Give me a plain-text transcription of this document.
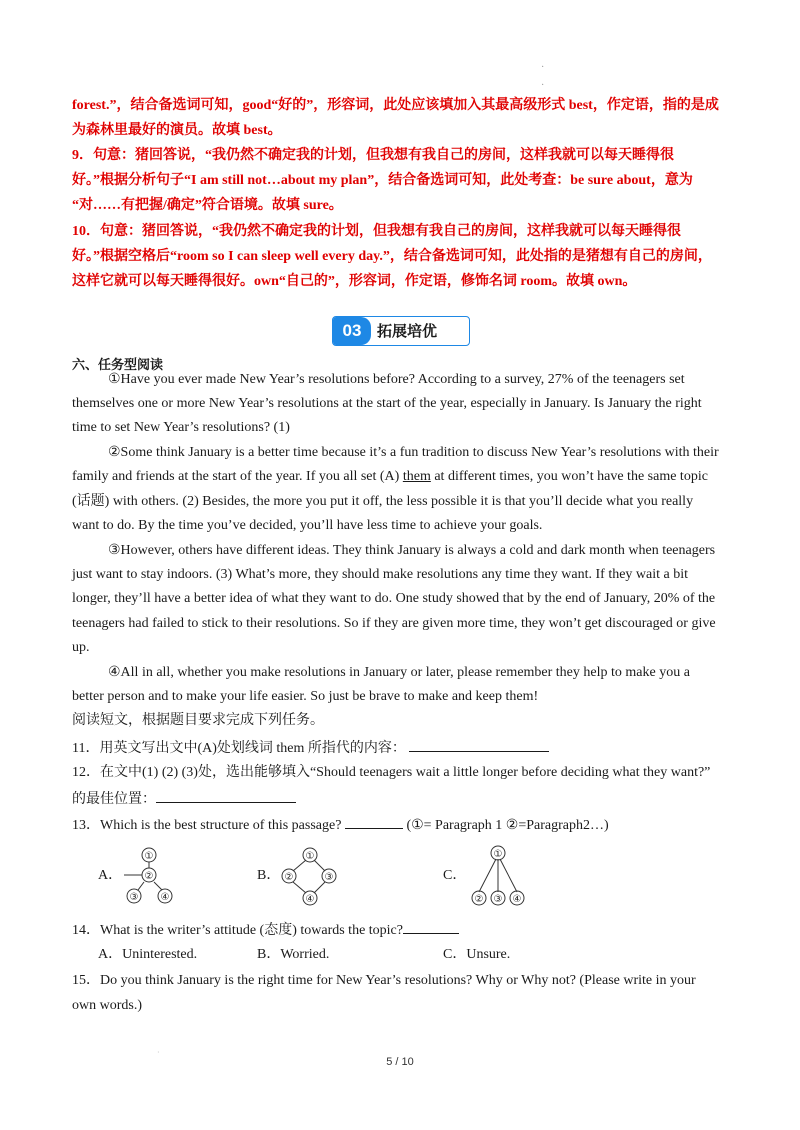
·
·
forest.”，结合备选词可知，good“好的”，形容词，此处应该填加入其最高级形式 best，作定语，指的是成
为森林里最好的演员。故填 best。
9．句意：猪回答说，“我仍然不确定我的计划，但我想有我自己的房间，这样我就可以每天睡得很
好。”根据分析句子“I am still not…about my plan”，结合备选词可知，此处考查：be sure about，意为
“对……有把握/确定”符合语境。故填 sure。
10．句意：猪回答说，“我仍然不确定我的计划，但我想有我自己的房间，这样我就可以每天睡得很
好。”根据空格后“room so I can sleep well every day.”，结合备选词可知，此处指的是猪想有自己的房间，
这样它就可以每天睡得很好。own“自己的”，形容词，作定语，修饰名词 room。故填 own。
03	拓展培优
六、任务型阅读
①Have you ever made New Year’s resolutions before? According to a survey, 27% of the teenagers set
themselves one or more New Year’s resolutions at the start of the year, especially in January. Is January the right
time to set New Year’s resolutions? (1)
②Some think January is a better time because it’s a fun tradition to discuss New Year’s resolutions with their
family and friends at the start of the year. If you all set (A) them at different times, you won’t have the same topic
(话题) with others. (2) Besides, the more you put it off, the less possible it is that you’ll decide what you really
want to do. By the time you’ve decided, you’ll have less time to achieve your goals.
③However, others have different ideas. They think January is always a cold and dark month when teenagers
just want to stay indoors. (3) What’s more, they should make resolutions any time they want. If they wait a bit
longer, they’ll have a better idea of what they want to do. One study showed that by the end of January, 20% of the
teenagers had failed to stick to their resolutions. So if they are given more time, they won’t get discouraged or give
up.
④All in all, whether you make resolutions in January or later, please remember they help to make you a
better person and to make your life easier. So just be brave to make and keep them!
阅读短文，根据题目要求完成下列任务。
11．用英文写出文中(A)处划线词 them 所指代的内容：
12．在文中(1) (2) (3)处，选出能够填入“Should teenagers wait a little longer before deciding what they want?”
的最佳位置：
13．Which is the best structure of this passage?	(①= Paragraph 1 ②=Paragraph2…)
A．
①
②
③ ④
B．
①
②	③
④
C．
①
② ③ ④
14．What is the writer’s attitude (态度) towards the topic?
A．Uninterested.	B．Worried.	C．Unsure.
15．Do you think January is the right time for New Year’s resolutions? Why or Why not? (Please write in your
own words.)
·
5 / 10
